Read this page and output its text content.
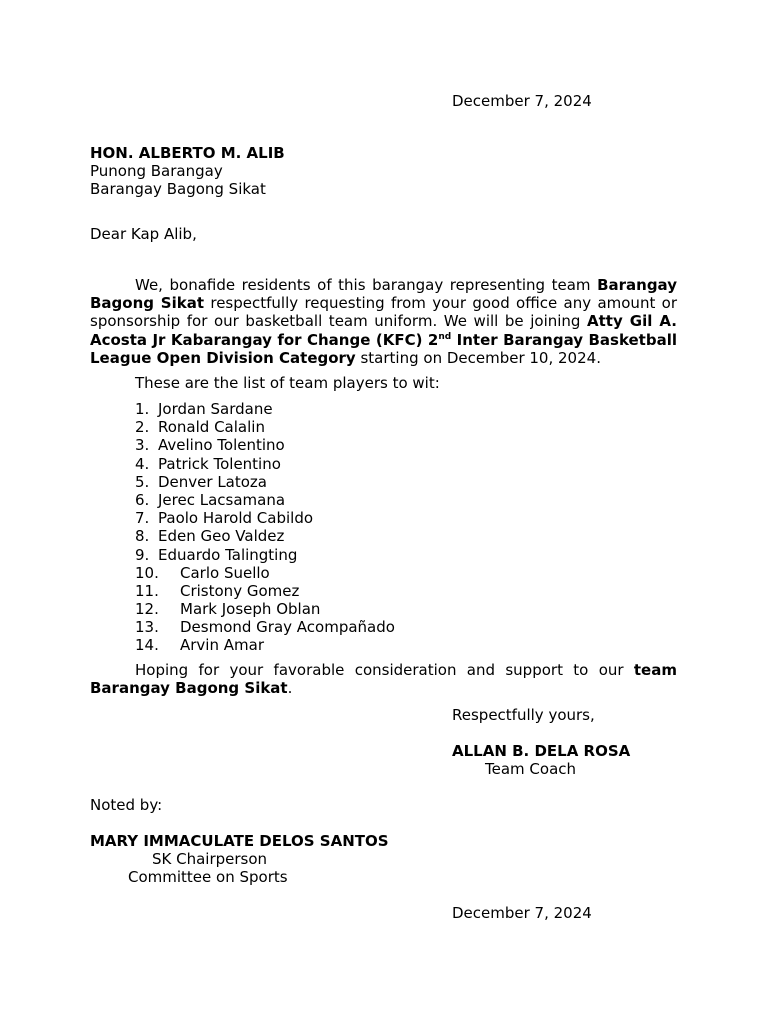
December 7, 2024

HON. ALBERTO M. ALIB

Punong Barangay

Barangay Bagong Sikat

Dear Kap Alib,

We, bonafide residents of this barangay representing team Barangay Bagong Sikat respectfully requesting from your good office any amount or sponsorship for our basketball team uniform. We will be joining Atty Gil A. Acosta Jr Kabarangay for Change (KFC) 2nd Inter Barangay Basketball League Open Division Category starting on December 10, 2024.

These are the list of team players to wit:

1. Jordan Sardane
2. Ronald Calalin
3. Avelino Tolentino
4. Patrick Tolentino
5. Denver Latoza
6. Jerec Lacsamana
7. Paolo Harold Cabildo
8. Eden Geo Valdez
9. Eduardo Talingting
10. Carlo Suello
11. Cristony Gomez
12. Mark Joseph Oblan
13. Desmond Gray Acompañado
14. Arvin Amar

Hoping for your favorable consideration and support to our team Barangay Bagong Sikat.

Respectfully yours,

ALLAN B. DELA ROSA

Team Coach

Noted by:

MARY IMMACULATE DELOS SANTOS

SK Chairperson

Committee on Sports

December 7, 2024
